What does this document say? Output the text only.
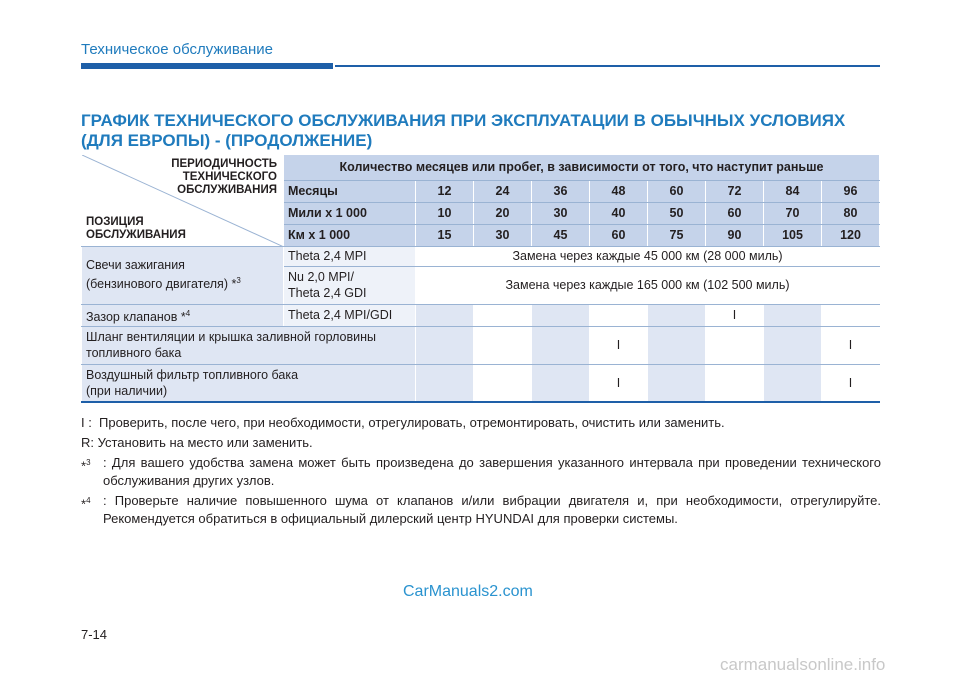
Техническое обслуживание
ГРАФИК ТЕХНИЧЕСКОГО ОБСЛУЖИВАНИЯ ПРИ ЭКСПЛУАТАЦИИ В ОБЫЧНЫХ УСЛОВИЯХ
(ДЛЯ ЕВРОПЫ) - (ПРОДОЛЖЕНИЕ)
ПЕРИОДИЧНОСТЬ
ТЕХНИЧЕСКОГО
ОБСЛУЖИВАНИЯ
ПОЗИЦИЯ
ОБСЛУЖИВАНИЯ	Количество месяцев или пробег, в зависимости от того, что наступит раньше								
	Месяцы	12	24	36	48	60	72	84	96
	Мили x 1 000	10	20	30	40	50	60	70	80
	Км x 1 000	15	30	45	60	75	90	105	120

Свечи зажигания
(бензинового двигателя) *$^3$	Theta 2,4 MPI	Замена через каждые 45 000 км (28 000 миль)							

	Nu 2,0 MPI/
Theta 2,4 GDI	Замена через каждые 165 000 км (102 500 миль)							
Зазор клапанов *$^4$	Theta 2,4 MPI/GDI						I		

Шланг вентиляции и крышка заливной горловины
топливного бака					I				I

Воздушный фильтр топливного бака
(при наличии)					I				I
I : Проверить, после чего, при необходимости, отрегулировать, отремонтировать, очистить или заменить.
R: Установить на место или заменить.
*$^3$ : Для вашего удобства замена может быть произведена до завершения указанного интервала при проведении технического обслуживания других узлов.
*$^4$ : Проверьте наличие повышенного шума от клапанов и/или вибрации двигателя и, при необходимости, отрегулируйте. Рекомендуется обратиться в официальный дилерский центр HYUNDAI для проверки системы.
CarManuals2.com
7-14
carmanualsonline.info
